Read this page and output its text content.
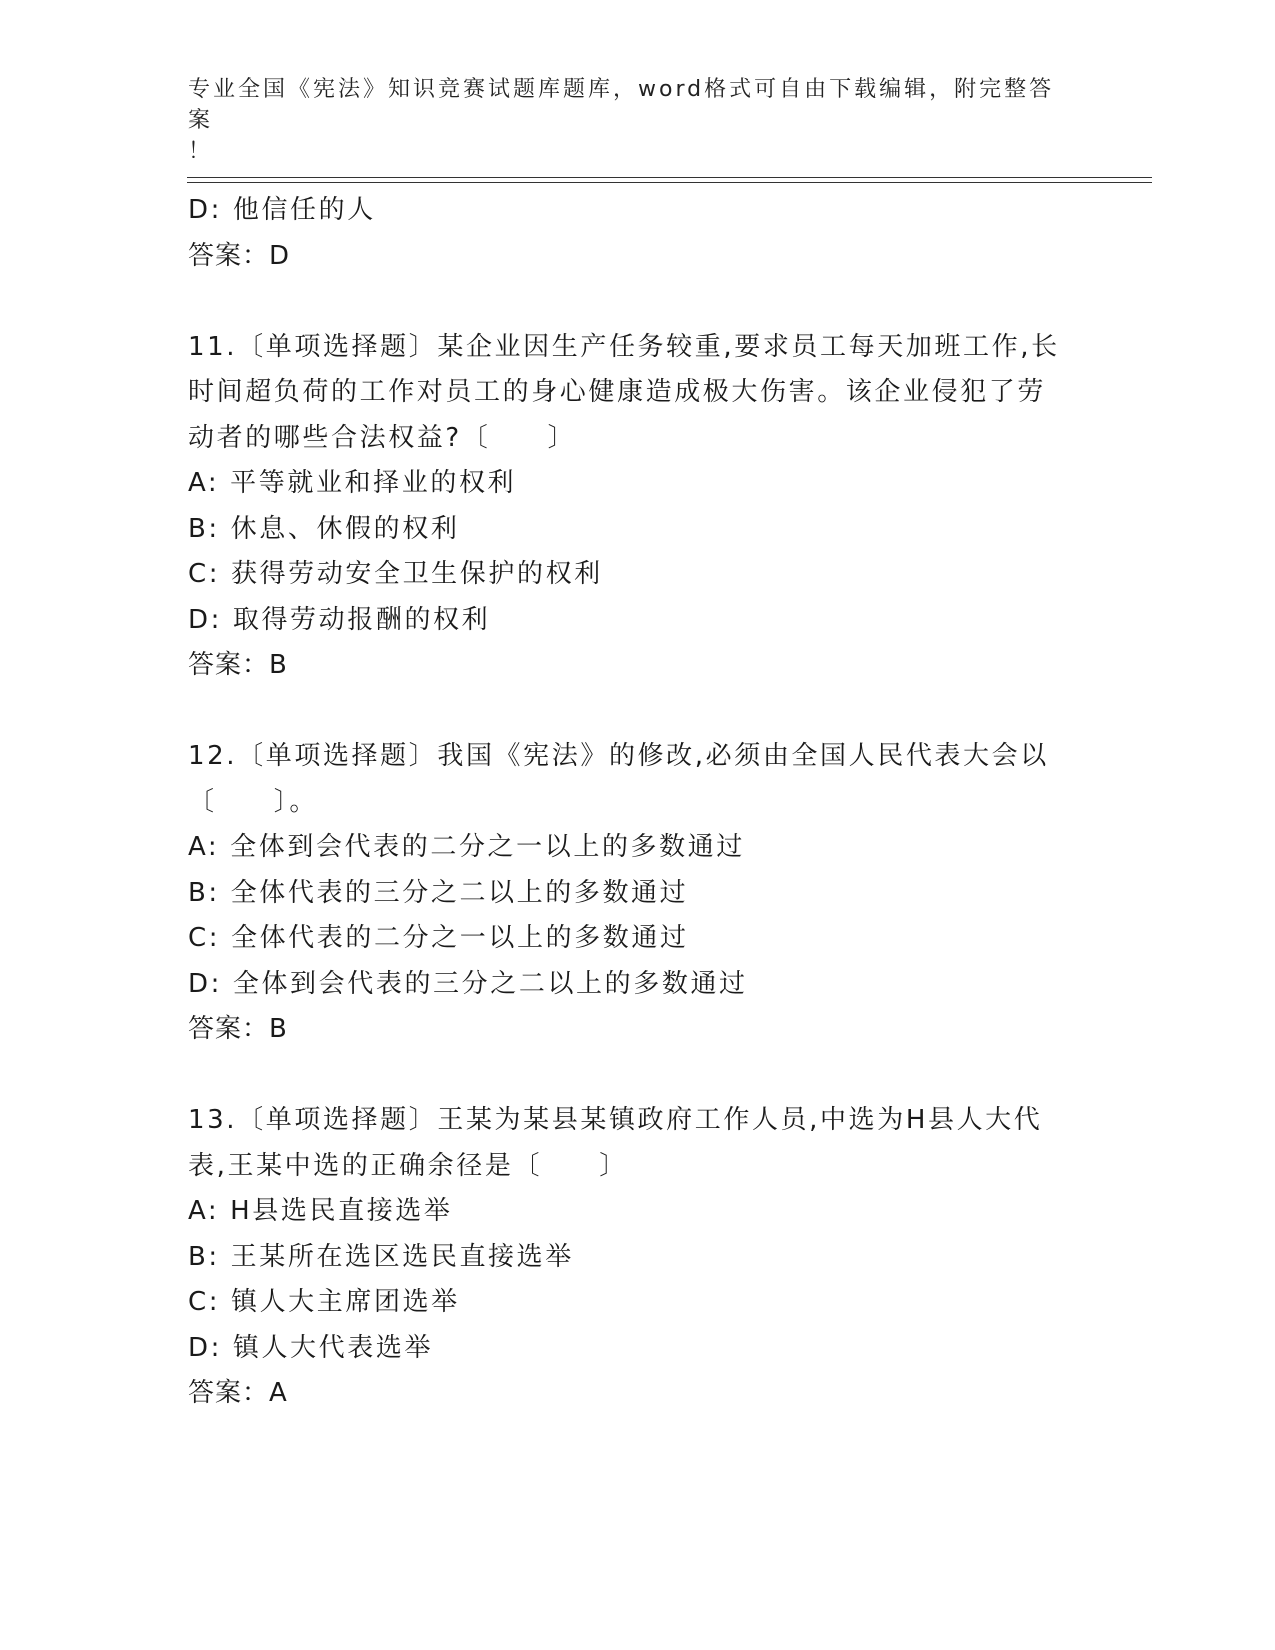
专业全国《宪法》知识竞赛试题库题库，word格式可自由下载编辑，附完整答案
！
D: 他信任的人
答案：D
11.〔单项选择题〕某企业因生产任务较重,要求员工每天加班工作,长
时间超负荷的工作对员工的身心健康造成极大伤害。该企业侵犯了劳
动者的哪些合法权益?〔　　〕
A: 平等就业和择业的权利
B: 休息、休假的权利
C: 获得劳动安全卫生保护的权利
D: 取得劳动报酬的权利
答案：B
12.〔单项选择题〕我国《宪法》的修改,必须由全国人民代表大会以
〔　　〕。
A: 全体到会代表的二分之一以上的多数通过
B: 全体代表的三分之二以上的多数通过
C: 全体代表的二分之一以上的多数通过
D: 全体到会代表的三分之二以上的多数通过
答案：B
13.〔单项选择题〕王某为某县某镇政府工作人员,中选为H县人大代
表,王某中选的正确余径是〔　　〕
A: H县选民直接选举
B: 王某所在选区选民直接选举
C: 镇人大主席团选举
D: 镇人大代表选举
答案：A
